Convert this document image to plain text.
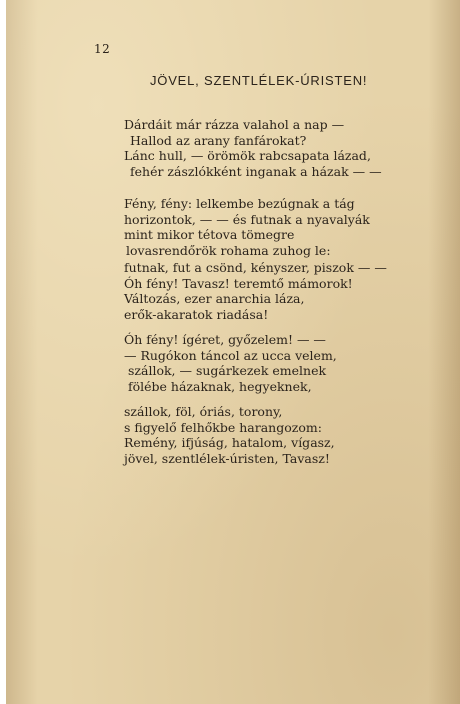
12
JÖVEL, SZENTLÉLEK-ÚRISTEN!
Dárdáit már rázza valahol a nap —
Hallod az arany fanfárokat?
Lánc hull, — örömök rabcsapata lázad,
fehér zászlókként inganak a házak — —
Fény, fény: lelkembe bezúgnak a tág
horizontok, — — és futnak a nyavalyák
mint mikor tétova tömegre
lovasrendőrök rohama zuhog le:
futnak, fut a csönd, kényszer, piszok — —
Óh fény! Tavasz! teremtő mámorok!
Változás, ezer anarchia láza,
erők-akaratok riadása!
Óh fény! ígéret, győzelem! — —
— Rugókon táncol az ucca velem,
szállok, — sugárkezek emelnek
fölébe házaknak, hegyeknek,
szállok, föl, óriás, torony,
s figyelő felhőkbe harangozom:
Remény, ifjúság, hatalom, vígasz,
jövel, szentlélek-úristen, Tavasz!
